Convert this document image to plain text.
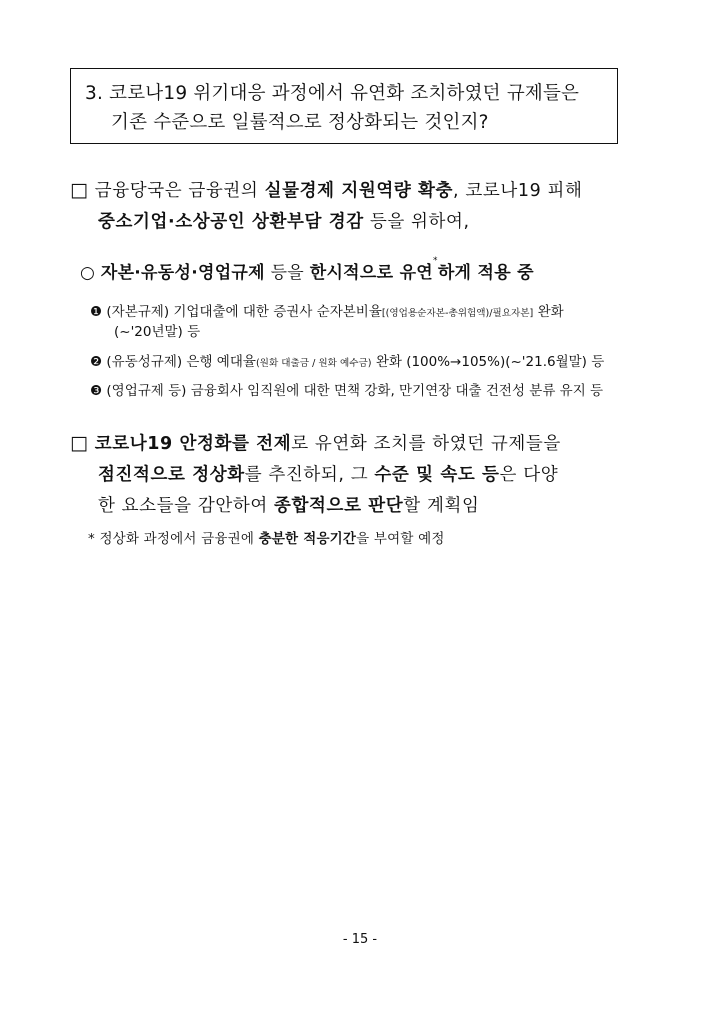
3. 코로나19 위기대응 과정에서 유연화 조치하였던 규제들은
기존 수준으로 일률적으로 정상화되는 것인지?
□ 금융당국은 금융권의 실물경제 지원역량 확충, 코로나19 피해
중소기업·소상공인 상환부담 경감 등을 위하여,
○ 자본·유동성·영업규제 등을 한시적으로 유연*하게 적용 중
❶ (자본규제) 기업대출에 대한 증권사 순자본비율[(영업용순자본-총위험액)/필요자본] 완화
(~'20년말) 등
❷ (유동성규제) 은행 예대율(원화 대출금 / 원화 예수금) 완화 (100%→105%)(~'21.6월말) 등
❸ (영업규제 등) 금융회사 임직원에 대한 면책 강화, 만기연장 대출 건전성 분류 유지 등
□ 코로나19 안정화를 전제로 유연화 조치를 하였던 규제들을
점진적으로 정상화를 추진하되, 그 수준 및 속도 등은 다양
한 요소들을 감안하여 종합적으로 판단할 계획임
* 정상화 과정에서 금융권에 충분한 적응기간을 부여할 예정
- 15 -
